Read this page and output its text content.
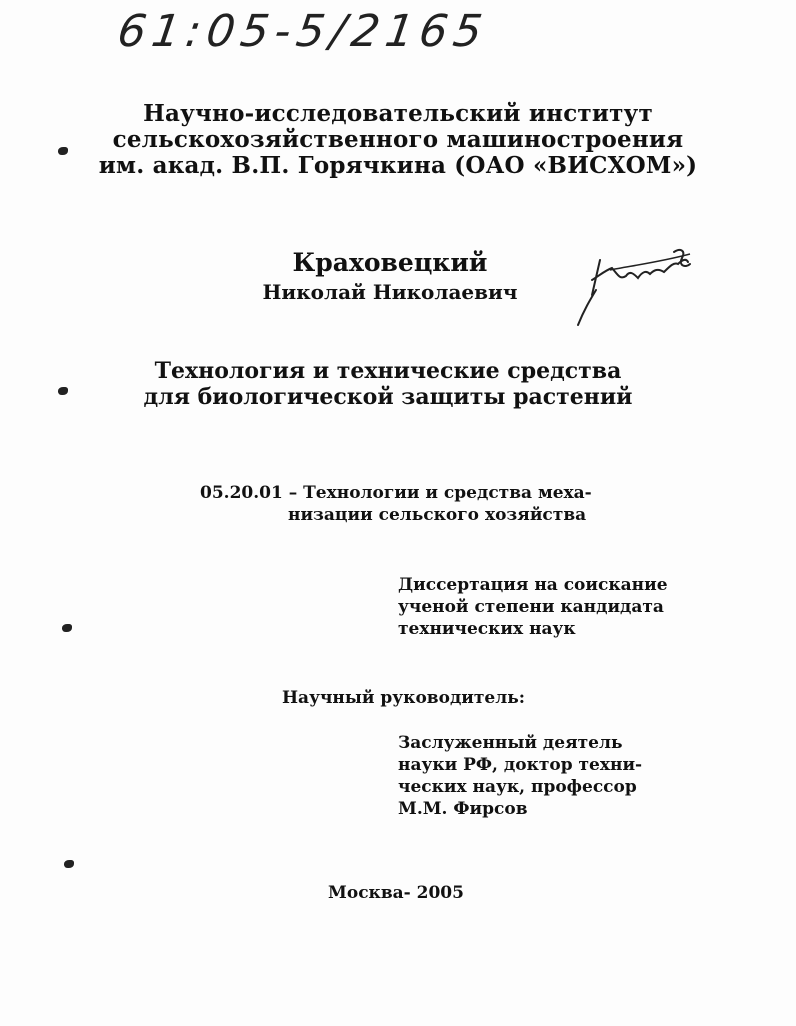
61:05-5/2165
Научно-исследовательский институт
сельскохозяйственного машиностроения
им. акад. В.П. Горячкина (ОАО «ВИСХОМ»)
Краховецкий
Николай Николаевич
Технология и технические средства
для биологической защиты растений
05.20.01 – Технологии и средства меха-
низации сельского хозяйства
Диссертация на соискание
ученой степени кандидата
технических наук
Научный руководитель:
Заслуженный деятель
науки РФ, доктор техни-
ческих наук, профессор
М.М. Фирсов
Москва- 2005
